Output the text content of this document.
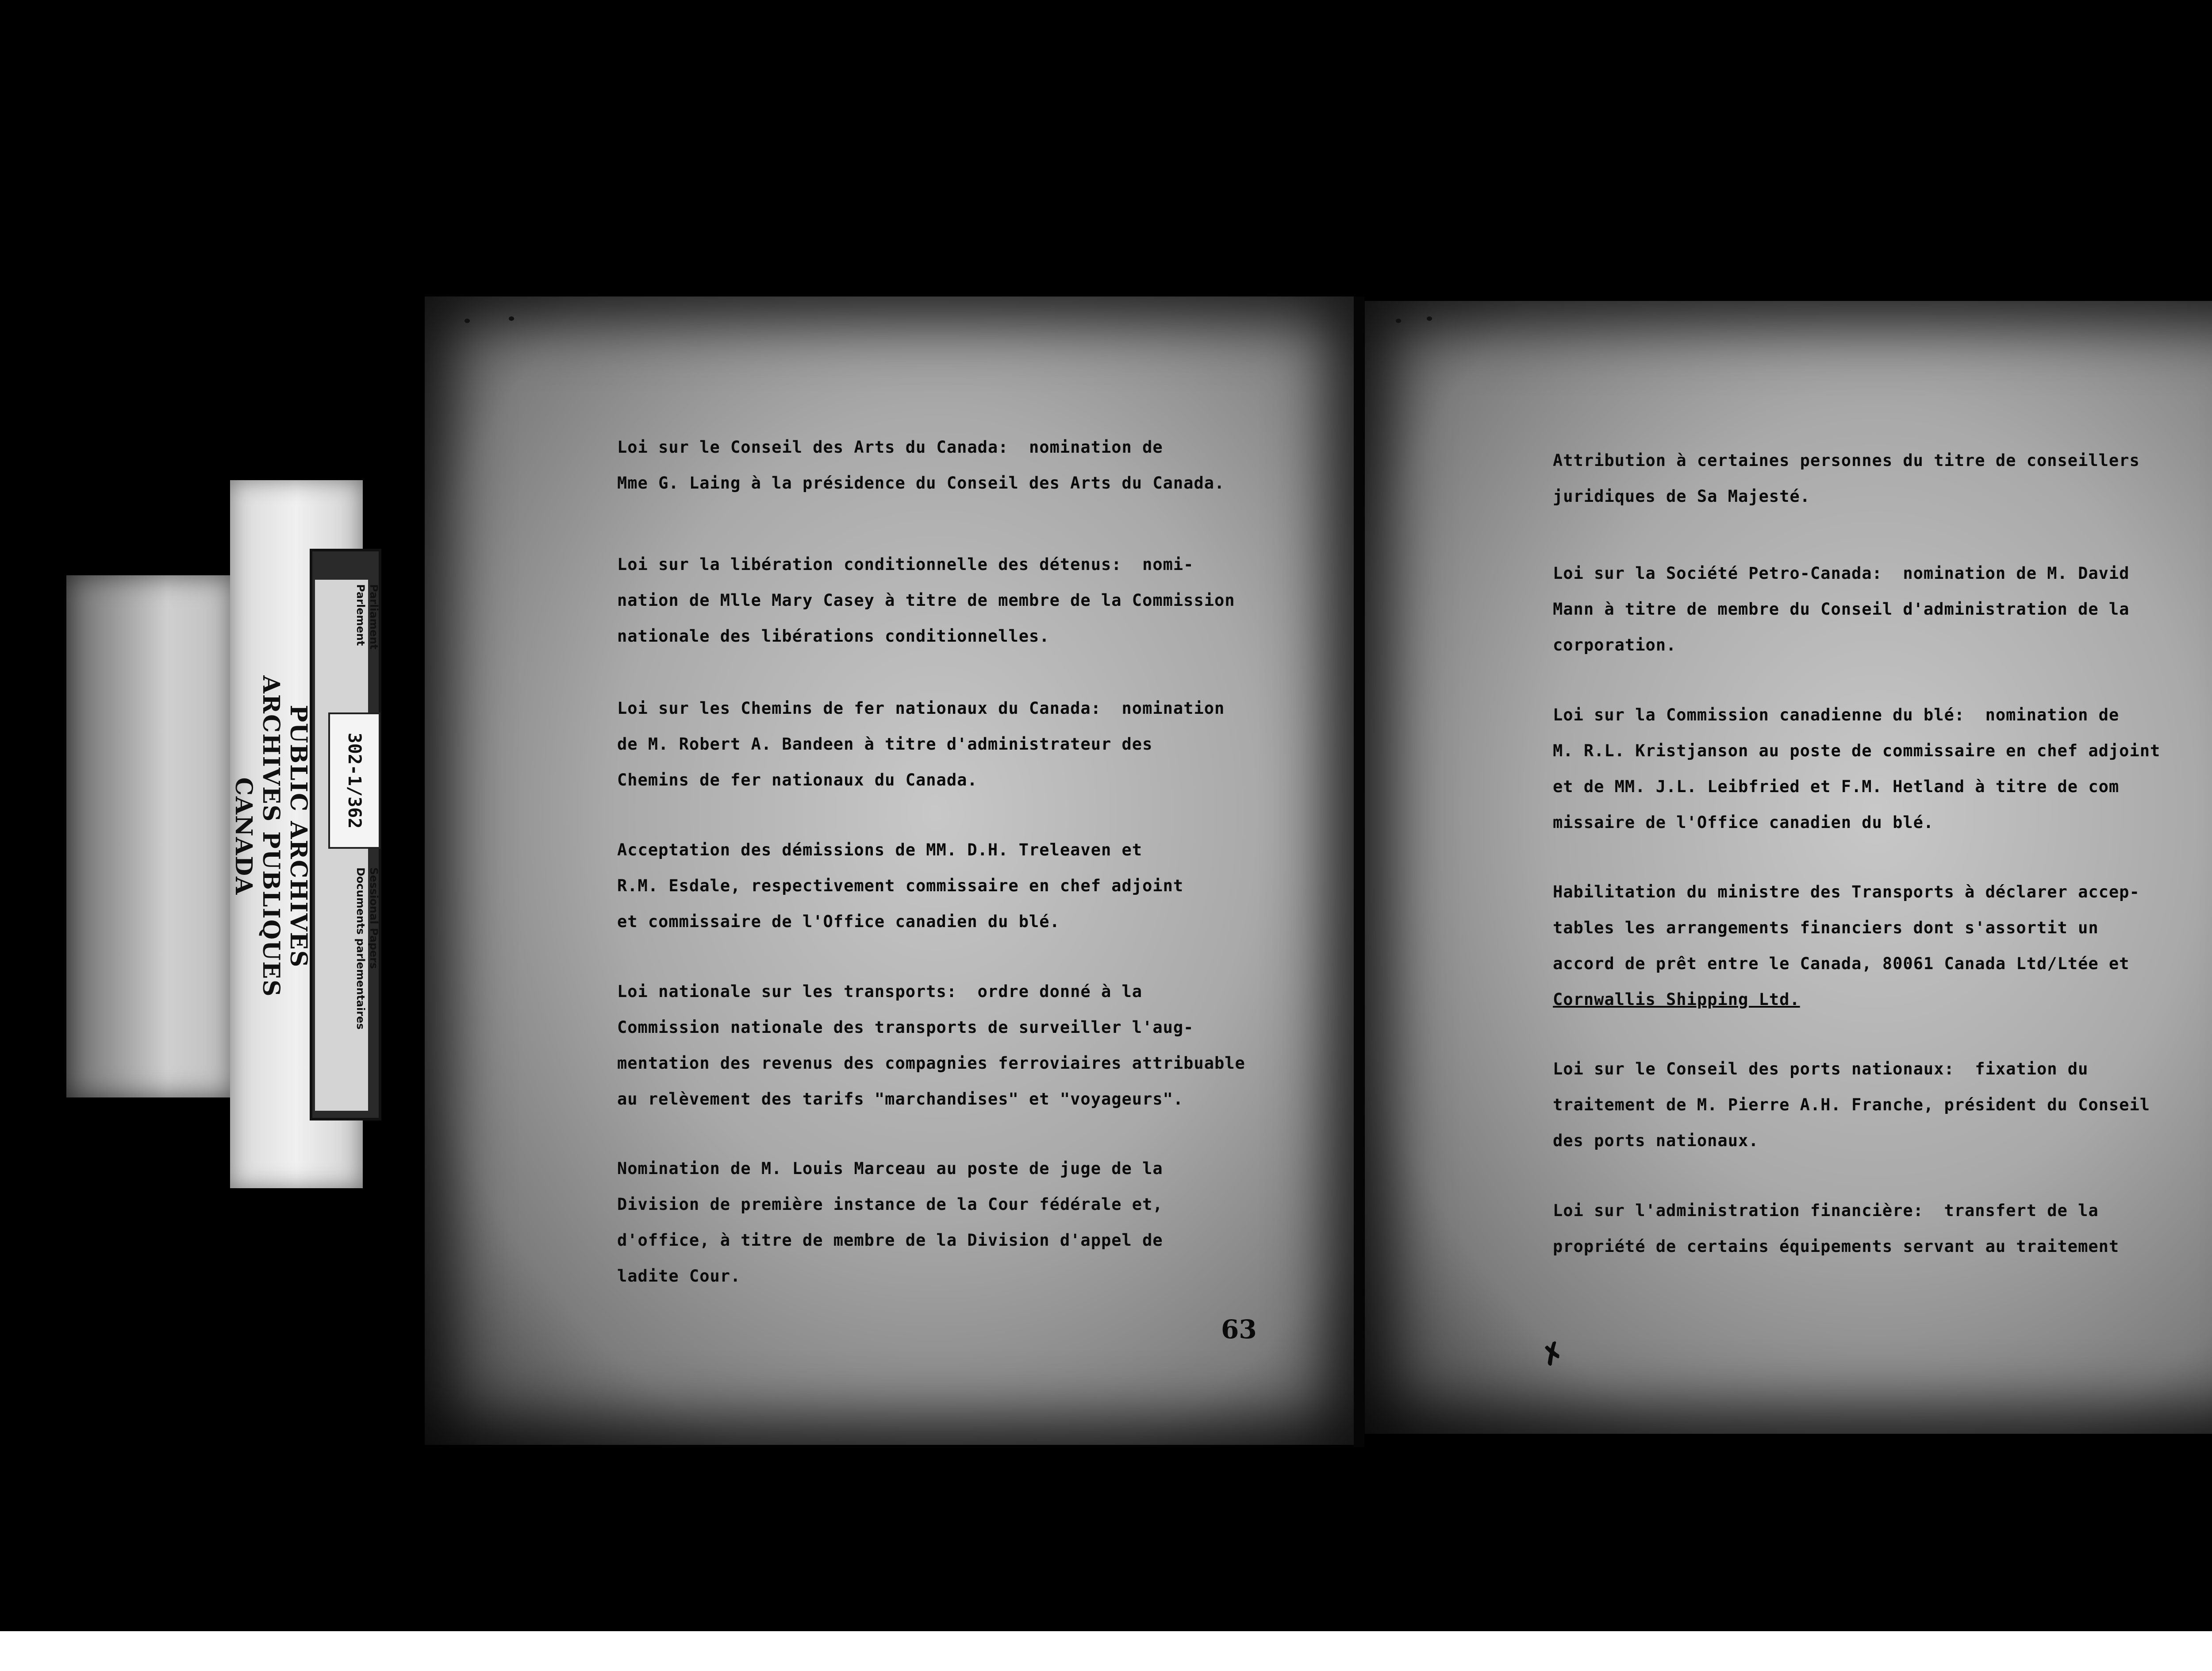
PUBLIC ARCHIVES
ARCHIVES PUBLIQUES
CANADA	302-1/362
Parliament
Parlement
Sessional Papers
Documents parlementaires
Loi sur le Conseil des Arts du Canada:  nomination de
Mme G. Laing à la présidence du Conseil des Arts du Canada.
Loi sur la libération conditionnelle des détenus:  nomi-
nation de Mlle Mary Casey à titre de membre de la Commission
nationale des libérations conditionnelles.
Loi sur les Chemins de fer nationaux du Canada:  nomination
de M. Robert A. Bandeen à titre d'administrateur des
Chemins de fer nationaux du Canada.
Acceptation des démissions de MM. D.H. Treleaven et
R.M. Esdale, respectivement commissaire en chef adjoint
et commissaire de l'Office canadien du blé.
Loi nationale sur les transports:  ordre donné à la
Commission nationale des transports de surveiller l'aug-
mentation des revenus des compagnies ferroviaires attribuable
au relèvement des tarifs "marchandises" et "voyageurs".
Nomination de M. Louis Marceau au poste de juge de la
Division de première instance de la Cour fédérale et,
d'office, à titre de membre de la Division d'appel de
ladite Cour.
63
Attribution à certaines personnes du titre de conseillers
juridiques de Sa Majesté.
Loi sur la Société Petro-Canada:  nomination de M. David
Mann à titre de membre du Conseil d'administration de la
corporation.
Loi sur la Commission canadienne du blé:  nomination de
M. R.L. Kristjanson au poste de commissaire en chef adjoint
et de MM. J.L. Leibfried et F.M. Hetland à titre de com
missaire de l'Office canadien du blé.
Habilitation du ministre des Transports à déclarer accep-
tables les arrangements financiers dont s'assortit un
accord de prêt entre le Canada, 80061 Canada Ltd/Ltée et
Cornwallis Shipping Ltd.
Loi sur le Conseil des ports nationaux:  fixation du
traitement de M. Pierre A.H. Franche, président du Conseil
des ports nationaux.
Loi sur l'administration financière:  transfert de la
propriété de certains équipements servant au traitement
✗
